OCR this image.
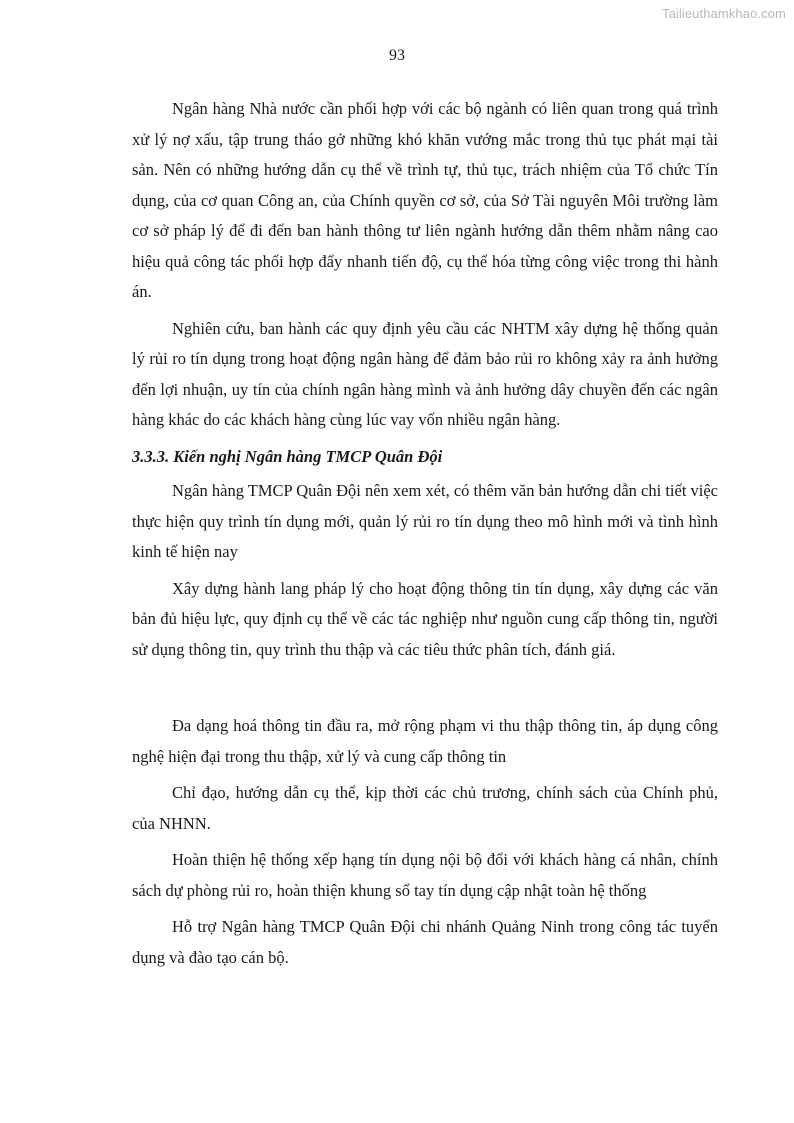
Tailieuthamkhao.com
93

Ngân hàng Nhà nước cần phối hợp với các bộ ngành có liên quan trong quá trình xử lý nợ xấu, tập trung tháo gở những khó khăn vướng mắc trong thủ tục phát mại tài sản. Nên có những hướng dẫn cụ thể về trình tự, thủ tục, trách nhiệm của Tổ chức Tín dụng, của cơ quan Công an, của Chính quyền cơ sở, của Sở Tài nguyên Môi trường làm cơ sở pháp lý để đi đến ban hành thông tư liên ngành hướng dẫn thêm nhằm nâng cao hiệu quả công tác phối hợp đẩy nhanh tiến độ, cụ thể hóa từng công việc trong thi hành án.

Nghiên cứu, ban hành các quy định yêu cầu các NHTM xây dựng hệ thống quản lý rủi ro tín dụng trong hoạt động ngân hàng để đảm bảo rủi ro không xảy ra ảnh hưởng đến lợi nhuận, uy tín của chính ngân hàng mình và ảnh hưởng dây chuyền đến các ngân hàng khác do các khách hàng cùng lúc vay vốn nhiều ngân hàng.

3.3.3. Kiến nghị Ngân hàng TMCP Quân Đội

Ngân hàng TMCP Quân Đội nên xem xét, có thêm văn bản hướng dẫn chi tiết việc thực hiện quy trình tín dụng mới, quản lý rủi ro tín dụng theo mô hình mới và tình hình kinh tế hiện nay

Xây dựng hành lang pháp lý cho hoạt động thông tin tín dụng, xây dựng các văn bản đủ hiệu lực, quy định cụ thể về các tác nghiệp như nguồn cung cấp thông tin, người sử dụng thông tin, quy trình thu thập và các tiêu thức phân tích, đánh giá.

Đa dạng hoá thông tin đầu ra, mở rộng phạm vi thu thập thông tin, áp dụng công nghệ hiện đại trong thu thập, xử lý và cung cấp thông tin

Chỉ đạo, hướng dẫn cụ thể, kịp thời các chủ trương, chính sách của Chính phủ, của NHNN.

Hoàn thiện hệ thống xếp hạng tín dụng nội bộ đối với khách hàng cá nhân, chính sách dự phòng rủi ro, hoàn thiện khung sổ tay tín dụng cập nhật toàn hệ thống

Hỗ trợ Ngân hàng TMCP Quân Đội chi nhánh Quảng Ninh trong công tác tuyển dụng và đào tạo cán bộ.
